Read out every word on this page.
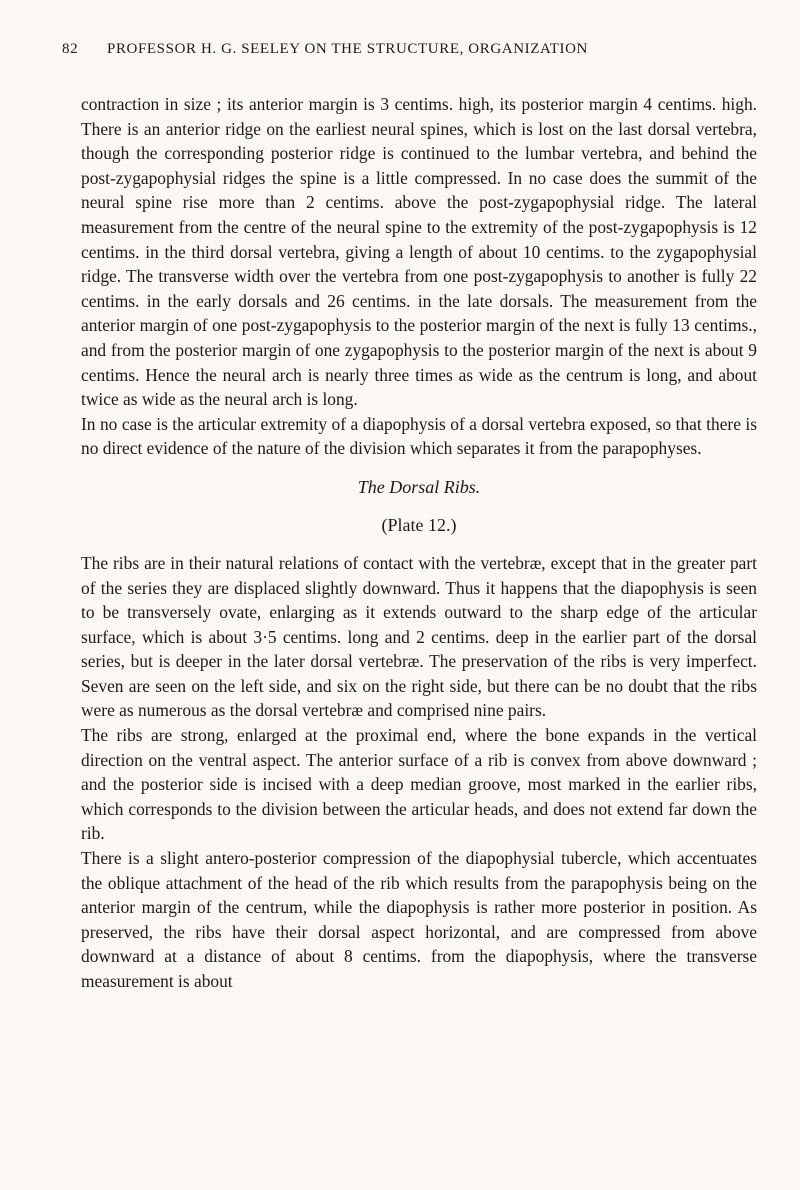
82 PROFESSOR H. G. SEELEY ON THE STRUCTURE, ORGANIZATION

contraction in size ; its anterior margin is 3 centims. high, its posterior margin 4 centims. high. There is an anterior ridge on the earliest neural spines, which is lost on the last dorsal vertebra, though the corresponding posterior ridge is continued to the lumbar vertebra, and behind the post-zygapophysial ridges the spine is a little compressed. In no case does the summit of the neural spine rise more than 2 centims. above the post-zygapophysial ridge. The lateral measurement from the centre of the neural spine to the extremity of the post-zygapophysis is 12 centims. in the third dorsal vertebra, giving a length of about 10 centims. to the zygapophysial ridge. The transverse width over the vertebra from one post-zygapophysis to another is fully 22 centims. in the early dorsals and 26 centims. in the late dorsals. The measurement from the anterior margin of one post-zygapophysis to the posterior margin of the next is fully 13 centims., and from the posterior margin of one zygapophysis to the posterior margin of the next is about 9 centims. Hence the neural arch is nearly three times as wide as the centrum is long, and about twice as wide as the neural arch is long.

In no case is the articular extremity of a diapophysis of a dorsal vertebra exposed, so that there is no direct evidence of the nature of the division which separates it from the parapophyses.

The Dorsal Ribs.

(Plate 12.)

The ribs are in their natural relations of contact with the vertebræ, except that in the greater part of the series they are displaced slightly downward. Thus it happens that the diapophysis is seen to be transversely ovate, enlarging as it extends outward to the sharp edge of the articular surface, which is about 3·5 centims. long and 2 centims. deep in the earlier part of the dorsal series, but is deeper in the later dorsal vertebræ. The preservation of the ribs is very imperfect. Seven are seen on the left side, and six on the right side, but there can be no doubt that the ribs were as numerous as the dorsal vertebræ and comprised nine pairs.

The ribs are strong, enlarged at the proximal end, where the bone expands in the vertical direction on the ventral aspect. The anterior surface of a rib is convex from above downward ; and the posterior side is incised with a deep median groove, most marked in the earlier ribs, which corresponds to the division between the articular heads, and does not extend far down the rib.

There is a slight antero-posterior compression of the diapophysial tubercle, which accentuates the oblique attachment of the head of the rib which results from the parapophysis being on the anterior margin of the centrum, while the diapophysis is rather more posterior in position. As preserved, the ribs have their dorsal aspect horizontal, and are compressed from above downward at a distance of about 8 centims. from the diapophysis, where the transverse measurement is about
